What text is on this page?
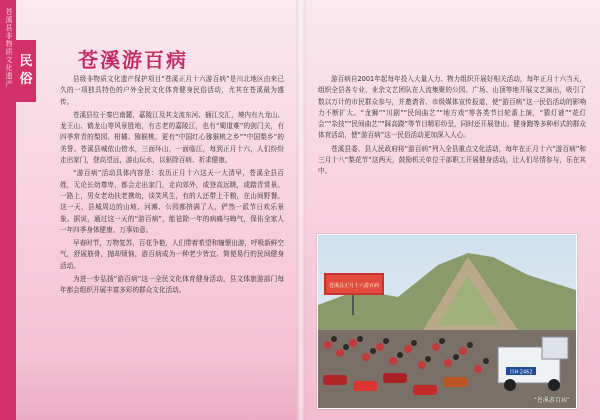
苍溪县非物质文化遗产 民
俗
苍溪游百病

县级非物质文化遗产保护项目“苍溪正月十六游百病”是川北地区由来已久的一项独具特色的户外全民文化体育健身民俗活动，尤其在苍溪最为盛传。

苍溪县位于秦巴南麓，嘉陵江及其支流东河、插江交汇，境内有九龙山、龙王山、鹤龙山等风景胜地，有古老的嘉陵江，也有“蜀道难”的剑门关，有四季常青的梨园、柑橘、猕猴桃，更有“中国红心猕猴桃之乡”“中国梨乡”的美誉。苍溪县城依山傍水，三面环山，一面临江，每到正月十六，人们纷纷走出家门，登高望远，游山玩水，以驱除百病、祈求健康。

“游百病”活动具体内容是：农历正月十六这天一大清早，苍溪全县百姓，无论长幼尊卑，都会走出家门，走向郊外，或登高远眺，或踏青赏景。一路上，男女老幼扶老携幼，谈笑风生，有的人还带上干粮，在山间野餐。这一天，县城周边的山坡、河滩、公园都挤满了人，俨然一派节日欢乐景象。据说，通过这一天的“游百病”，能祛除一年的病痛与晦气，保佑全家人一年四季身体健康、万事如意。

早春时节，万物复苏，百花争艳，人们带着希望和憧憬出游，呼吸新鲜空气，舒展筋骨，抛却烦恼，游百病成为一种老少皆宜、简便易行的民间健身活动。

为进一步弘扬“游百病”这一全民文化体育健身活动，县文体旅游部门每年都会组织开展丰富多彩的群众文化活动。

游百病自2001年起每年投入大量人力、物力组织开展好相关活动，每年正月十六当天，组织全县各专业、业余文艺团队在人流集聚的公园、广场、山顶等地开展文艺演出，吸引了数以万计的市民群众参与，并邀请省、市级媒体宣传报道，使“游百病”这一民俗活动的影响力不断扩大。“龙狮”“川剧”“民间曲艺”“地方戏”等各类节目轮番上演，“猜灯谜”“花灯会”“杂技”“民间曲艺”“踩高跷”等节目精彩纷呈，同时还开展登山、健身跑等多种形式的群众体育活动，使“游百病”这一民俗活动更加深入人心。

苍溪县委、县人民政府将“游百病”列入全县重点文化活动，每年在正月十六“游百病”和三月十八“梨花节”这两天，鼓励机关单位干部职工开展健身活动，让人们尽情参与，乐在其中。

苍溪县正月十六游百病
川H·2462
“苍溪游百病”
